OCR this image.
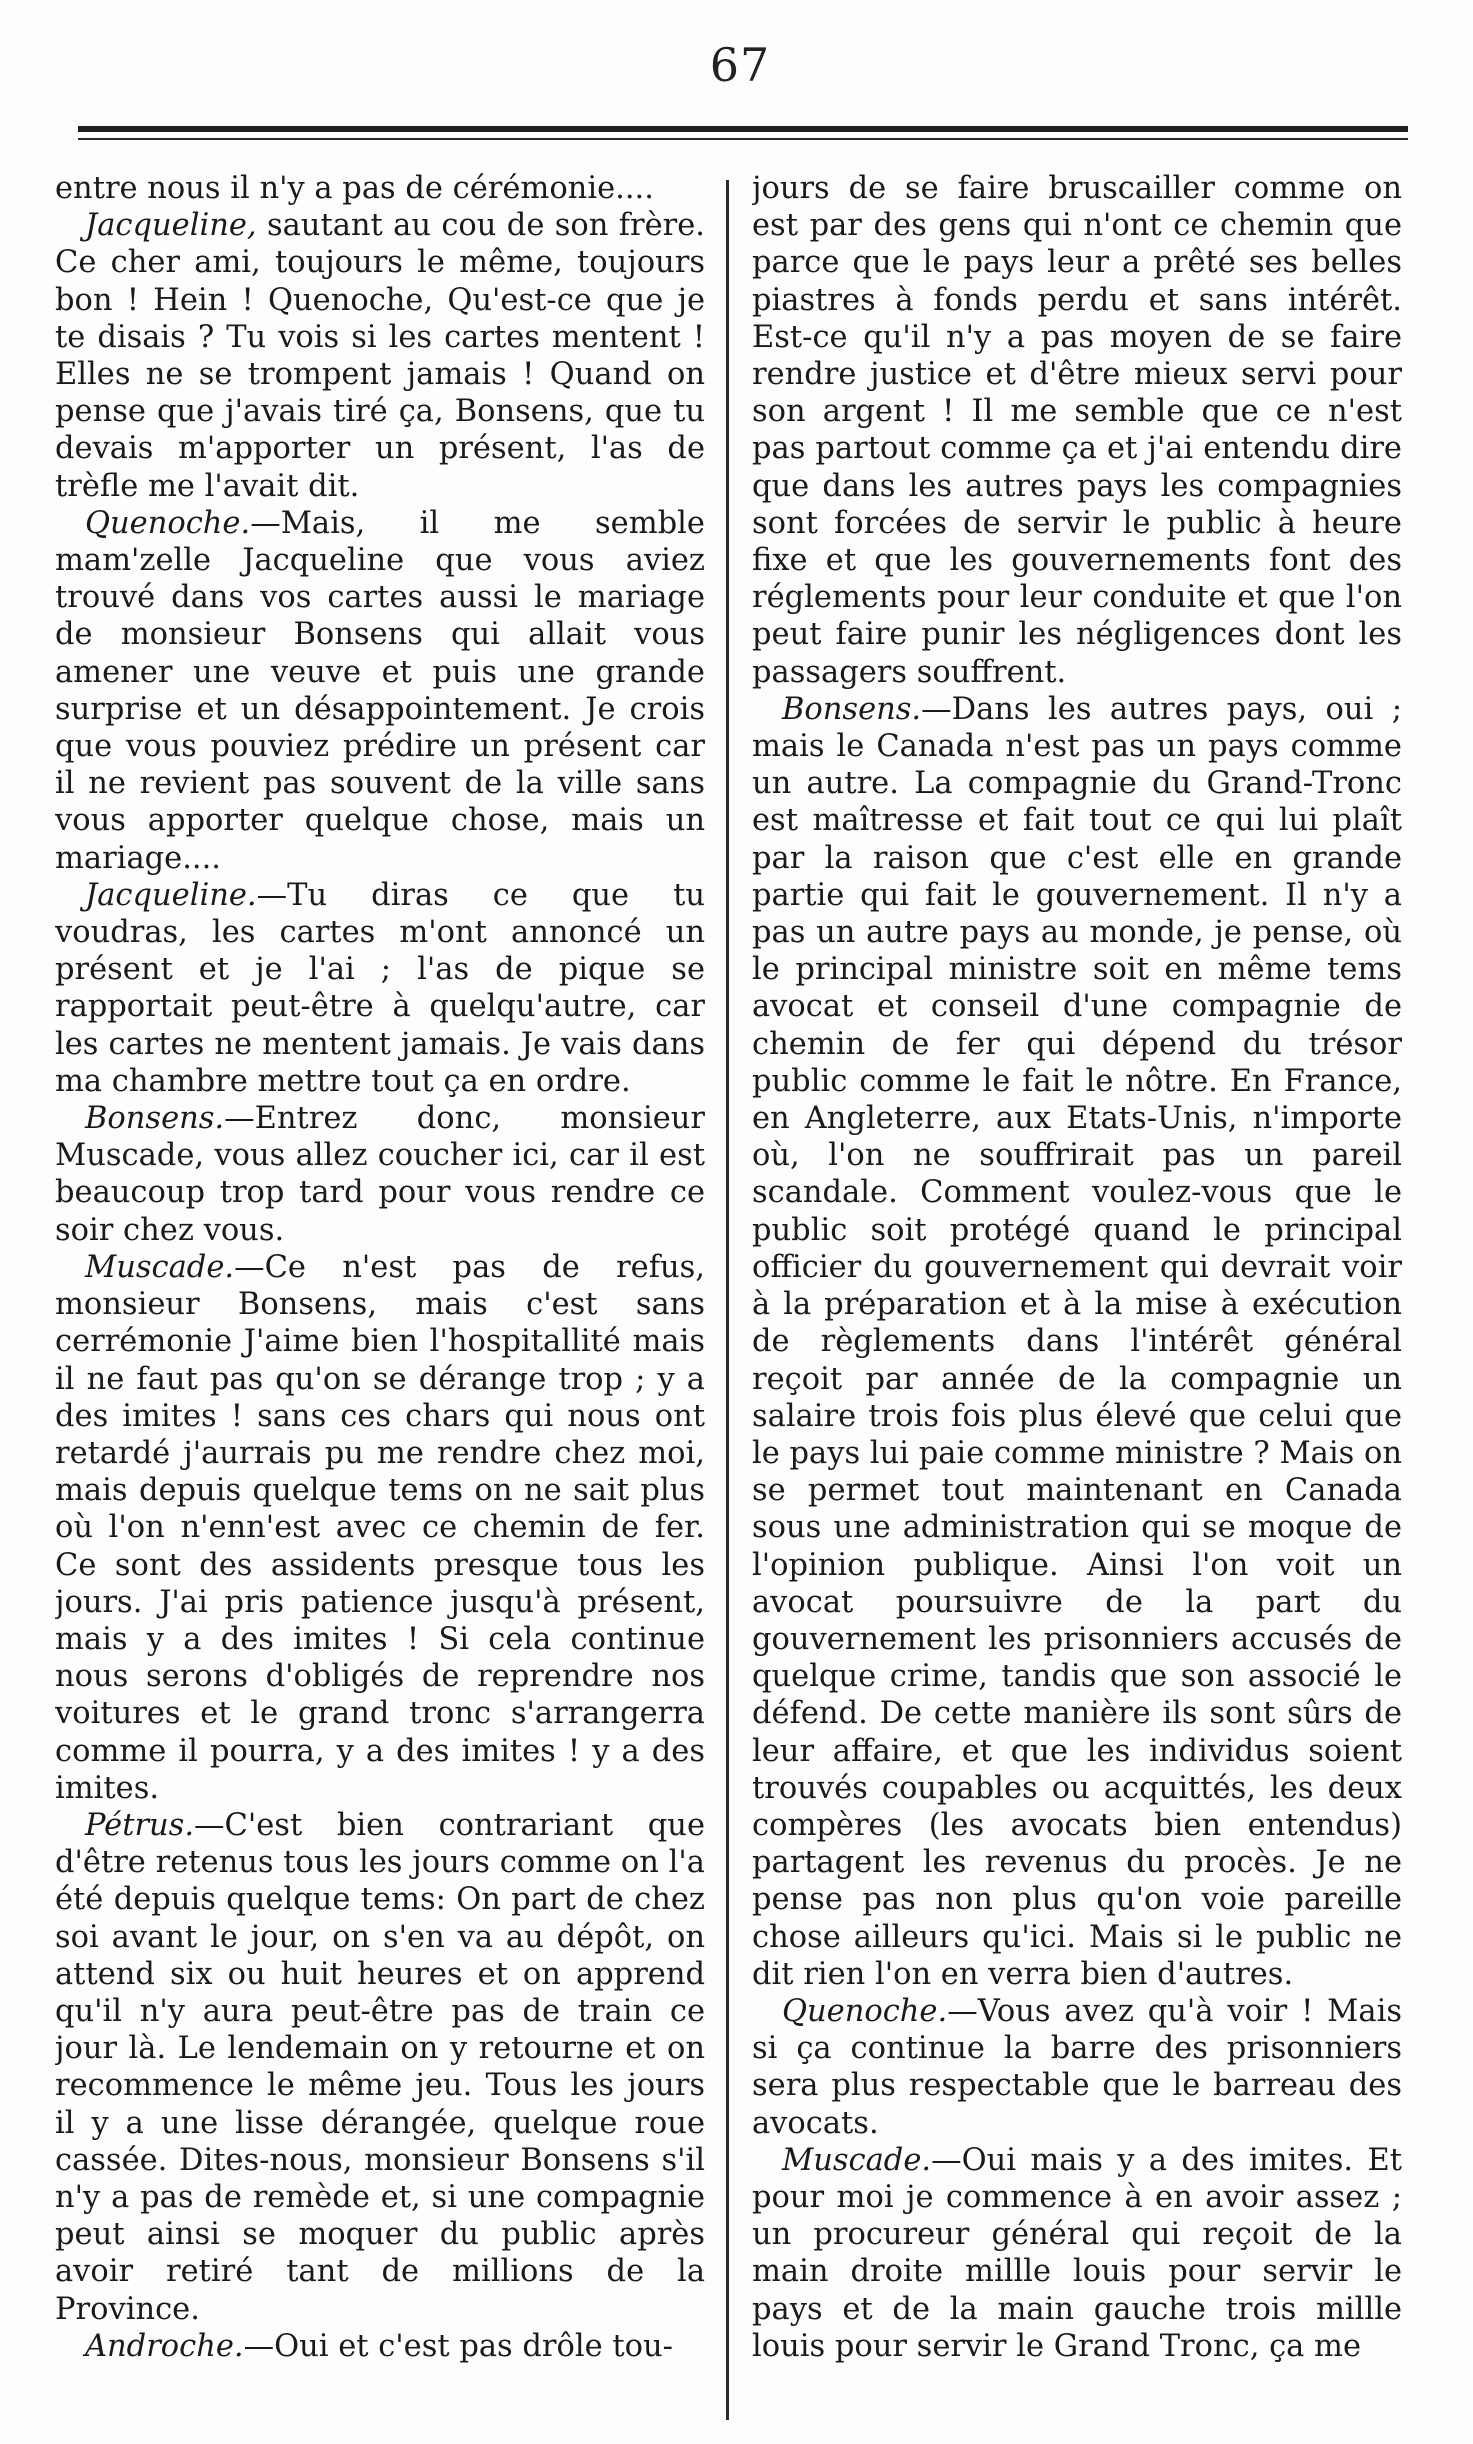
67

entre nous il n'y a pas de cérémonie....

Jacqueline, sautant au cou de son frère. Ce cher ami, toujours le même, toujours bon ! Hein ! Quenoche, Qu'est-ce que je te disais ? Tu vois si les cartes mentent ! Elles ne se trompent jamais ! Quand on pense que j'avais tiré ça, Bonsens, que tu devais m'apporter un présent, l'as de trèfle me l'avait dit.

Quenoche.—Mais, il me semble mam'zelle Jacqueline que vous aviez trouvé dans vos cartes aussi le mariage de monsieur Bonsens qui allait vous amener une veuve et puis une grande surprise et un désappointement. Je crois que vous pouviez prédire un présent car il ne revient pas souvent de la ville sans vous apporter quelque chose, mais un mariage....

Jacqueline.—Tu diras ce que tu voudras, les cartes m'ont annoncé un présent et je l'ai ; l'as de pique se rapportait peut-être à quelqu'autre, car les cartes ne mentent jamais. Je vais dans ma chambre mettre tout ça en ordre.

Bonsens.—Entrez donc, monsieur Muscade, vous allez coucher ici, car il est beaucoup trop tard pour vous rendre ce soir chez vous.

Muscade.—Ce n'est pas de refus, monsieur Bonsens, mais c'est sans cerrémonie J'aime bien l'hospitallité mais il ne faut pas qu'on se dérange trop ; y a des imites ! sans ces chars qui nous ont retardé j'aurrais pu me rendre chez moi, mais depuis quelque tems on ne sait plus où l'on n'enn'est avec ce chemin de fer. Ce sont des assidents presque tous les jours. J'ai pris patience jusqu'à présent, mais y a des imites ! Si cela continue nous serons d'obligés de reprendre nos voitures et le grand tronc s'arrangerra comme il pourra, y a des imites ! y a des imites.

Pétrus.—C'est bien contrariant que d'être retenus tous les jours comme on l'a été depuis quelque tems: On part de chez soi avant le jour, on s'en va au dépôt, on attend six ou huit heures et on apprend qu'il n'y aura peut-être pas de train ce jour là. Le lendemain on y retourne et on recommence le même jeu. Tous les jours il y a une lisse dérangée, quelque roue cassée. Dites-nous, monsieur Bonsens s'il n'y a pas de remède et, si une compagnie peut ainsi se moquer du public après avoir retiré tant de millions de la Province.

Androche.—Oui et c'est pas drôle tou-

jours de se faire bruscailler comme on est par des gens qui n'ont ce chemin que parce que le pays leur a prêté ses belles piastres à fonds perdu et sans intérêt. Est-ce qu'il n'y a pas moyen de se faire rendre justice et d'être mieux servi pour son argent ! Il me semble que ce n'est pas partout comme ça et j'ai entendu dire que dans les autres pays les compagnies sont forcées de servir le public à heure fixe et que les gouvernements font des réglements pour leur conduite et que l'on peut faire punir les négligences dont les passagers souffrent.

Bonsens.—Dans les autres pays, oui ; mais le Canada n'est pas un pays comme un autre. La compagnie du Grand-Tronc est maîtresse et fait tout ce qui lui plaît par la raison que c'est elle en grande partie qui fait le gouvernement. Il n'y a pas un autre pays au monde, je pense, où le principal ministre soit en même tems avocat et conseil d'une compagnie de chemin de fer qui dépend du trésor public comme le fait le nôtre. En France, en Angleterre, aux Etats-Unis, n'importe où, l'on ne souffrirait pas un pareil scandale. Comment voulez-vous que le public soit protégé quand le principal officier du gouvernement qui devrait voir à la préparation et à la mise à exécution de règlements dans l'intérêt général reçoit par année de la compagnie un salaire trois fois plus élevé que celui que le pays lui paie comme ministre ? Mais on se permet tout maintenant en Canada sous une administration qui se moque de l'opinion publique. Ainsi l'on voit un avocat poursuivre de la part du gouvernement les prisonniers accusés de quelque crime, tandis que son associé le défend. De cette manière ils sont sûrs de leur affaire, et que les individus soient trouvés coupables ou acquittés, les deux compères (les avocats bien entendus) partagent les revenus du procès. Je ne pense pas non plus qu'on voie pareille chose ailleurs qu'ici. Mais si le public ne dit rien l'on en verra bien d'autres.

Quenoche.—Vous avez qu'à voir ! Mais si ça continue la barre des prisonniers sera plus respectable que le barreau des avocats.

Muscade.—Oui mais y a des imites. Et pour moi je commence à en avoir assez ; un procureur général qui reçoit de la main droite millle louis pour servir le pays et de la main gauche trois millle louis pour servir le Grand Tronc, ça me
